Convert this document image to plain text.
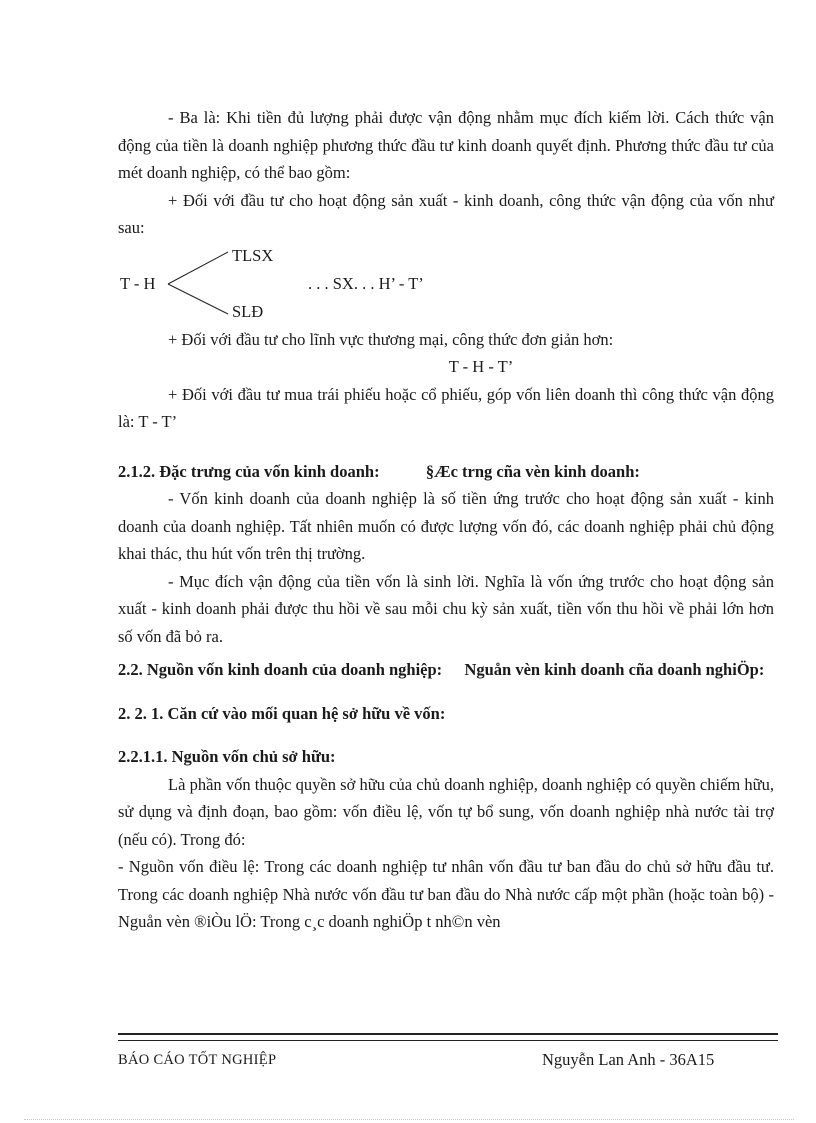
- Ba là: Khi tiền đủ lượng phải được vận động nhằm mục đích kiếm lời. Cách thức vận động của tiền là doanh nghiệp phương thức đầu tư kinh doanh quyết định. Phương thức đầu tư của mét doanh nghiệp, có thể bao gồm:

+ Đối với đầu tư cho hoạt động sản xuất - kinh doanh, công thức vận động của vốn như sau:

TLSX
T - H	. . . SX. . . H’ - T’
SLĐ

+ Đối với đầu tư cho lĩnh vực thương mại, công thức đơn giản hơn:

T - H - T’

+ Đối với đầu tư mua trái phiếu hoặc cổ phiếu, góp vốn liên doanh thì công thức vận động là: T - T’

2.1.2. Đặc trưng của vốn kinh doanh:	§Æc trng cña vèn kinh doanh:

- Vốn kinh doanh của doanh nghiệp là số tiền ứng trước cho hoạt động sản xuất - kinh doanh của doanh nghiệp. Tất nhiên muốn có được lượng vốn đó, các doanh nghiệp phải chủ động khai thác, thu hút vốn trên thị trường.

- Mục đích vận động của tiền vốn là sinh lời. Nghĩa là vốn ứng trước cho hoạt động sản xuất - kinh doanh phải được thu hồi về sau mỗi chu kỳ sản xuất, tiền vốn thu hồi về phải lớn hơn số vốn đã bỏ ra.

2.2. Nguồn vốn kinh doanh của doanh nghiệp: Nguån vèn kinh doanh cña doanh nghiÖp:

2. 2. 1. Căn cứ vào mối quan hệ sở hữu về vốn:

2.2.1.1. Nguồn vốn chủ sở hữu:

Là phần vốn thuộc quyền sở hữu của chủ doanh nghiệp, doanh nghiệp có quyền chiếm hữu, sử dụng và định đoạn, bao gồm: vốn điều lệ, vốn tự bổ sung, vốn doanh nghiệp nhà nước tài trợ (nếu có). Trong đó:

- Nguồn vốn điều lệ: Trong các doanh nghiệp tư nhân vốn đầu tư ban đầu do chủ sở hữu đầu tư. Trong các doanh nghiệp Nhà nước vốn đầu tư ban đầu do Nhà nước cấp một phần (hoặc toàn bộ) - Nguån vèn ®iÒu lÖ: Trong c¸c doanh nghiÖp t nh©n vèn

BÁO CÁO TỐT NGHIỆP	Nguyễn Lan Anh - 36A15
